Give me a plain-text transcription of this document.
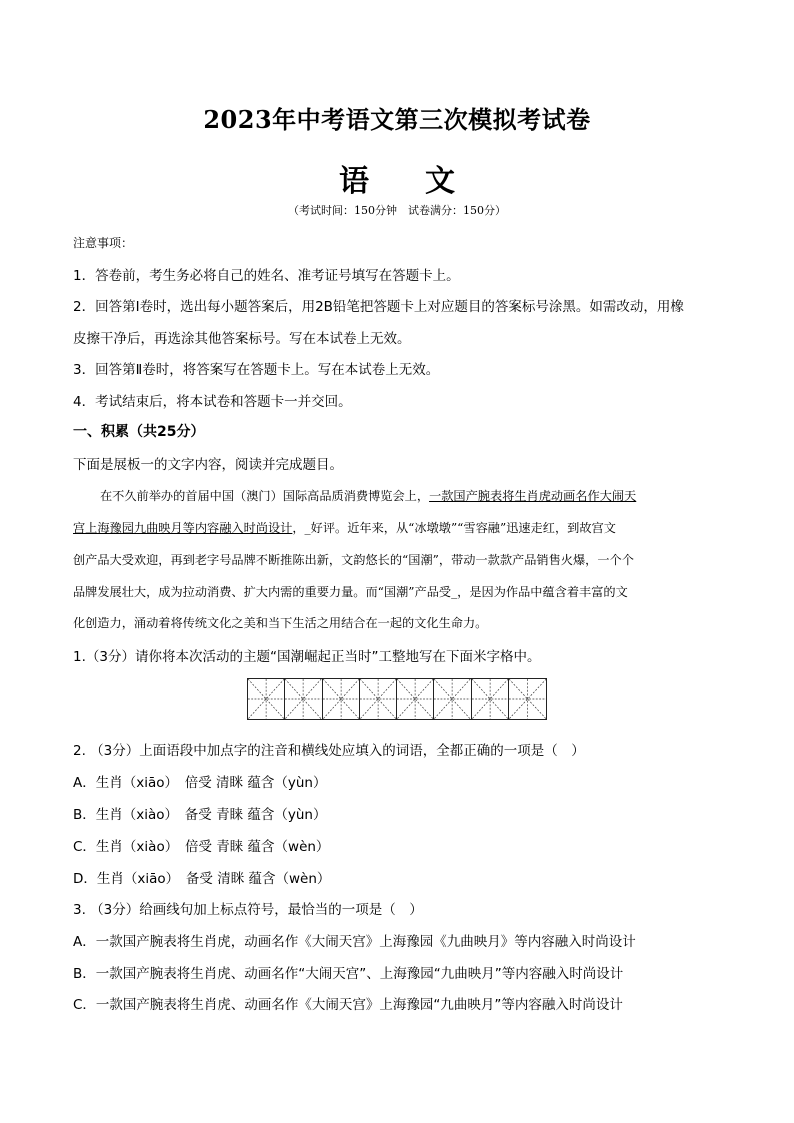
2023年中考语文第三次模拟考试卷
语 文
（考试时间：150分钟　试卷满分：150分）
注意事项：
1．答卷前，考生务必将自己的姓名、准考证号填写在答题卡上。
2．回答第Ⅰ卷时，选出每小题答案后，用2B铅笔把答题卡上对应题目的答案标号涂黑。如需改动，用橡
皮擦干净后，再选涂其他答案标号。写在本试卷上无效。
3．回答第Ⅱ卷时，将答案写在答题卡上。写在本试卷上无效。
4．考试结束后，将本试卷和答题卡一并交回。
一、积累（共25分）
下面是展板一的文字内容，阅读并完成题目。
在不久前举办的首届中国（澳门）国际高品质消费博览会上，一款国产腕表将生肖虎动画名作大闹天
宫上海豫园九曲映月等内容融入时尚设计，_好评。近年来，从“冰墩墩”“雪容融”迅速走红，到故宫文
创产品大受欢迎，再到老字号品牌不断推陈出新，文韵悠长的“国潮”，带动一款款产品销售火爆，一个个
品牌发展壮大，成为拉动消费、扩大内需的重要力量。而“国潮”产品受_，是因为作品中蕴含着丰富的文
化创造力，涌动着将传统文化之美和当下生活之用结合在一起的文化生命力。
1.（3分）请你将本次活动的主题“国潮崛起正当时”工整地写在下面米字格中。
2. （3分）上面语段中加点字的注音和横线处应填入的词语，全都正确的一项是（　）
A．生肖（xiāo）　倍受 清眯 蕴含（yùn）
B．生肖（xiào）　备受 青睐 蕴含（yùn）
C．生肖（xiào）　倍受 青睐 蕴含（wèn）
D．生肖（xiāo）　备受 清眯 蕴含（wèn）
3. （3分）给画线句加上标点符号，最恰当的一项是（　）
A．一款国产腕表将生肖虎，动画名作《大闹天宫》上海豫园《九曲映月》等内容融入时尚设计
B．一款国产腕表将生肖虎、动画名作“大闹天宫”、上海豫园“九曲映月”等内容融入时尚设计
C．一款国产腕表将生肖虎、动画名作《大闹天宫》上海豫园“九曲映月”等内容融入时尚设计
